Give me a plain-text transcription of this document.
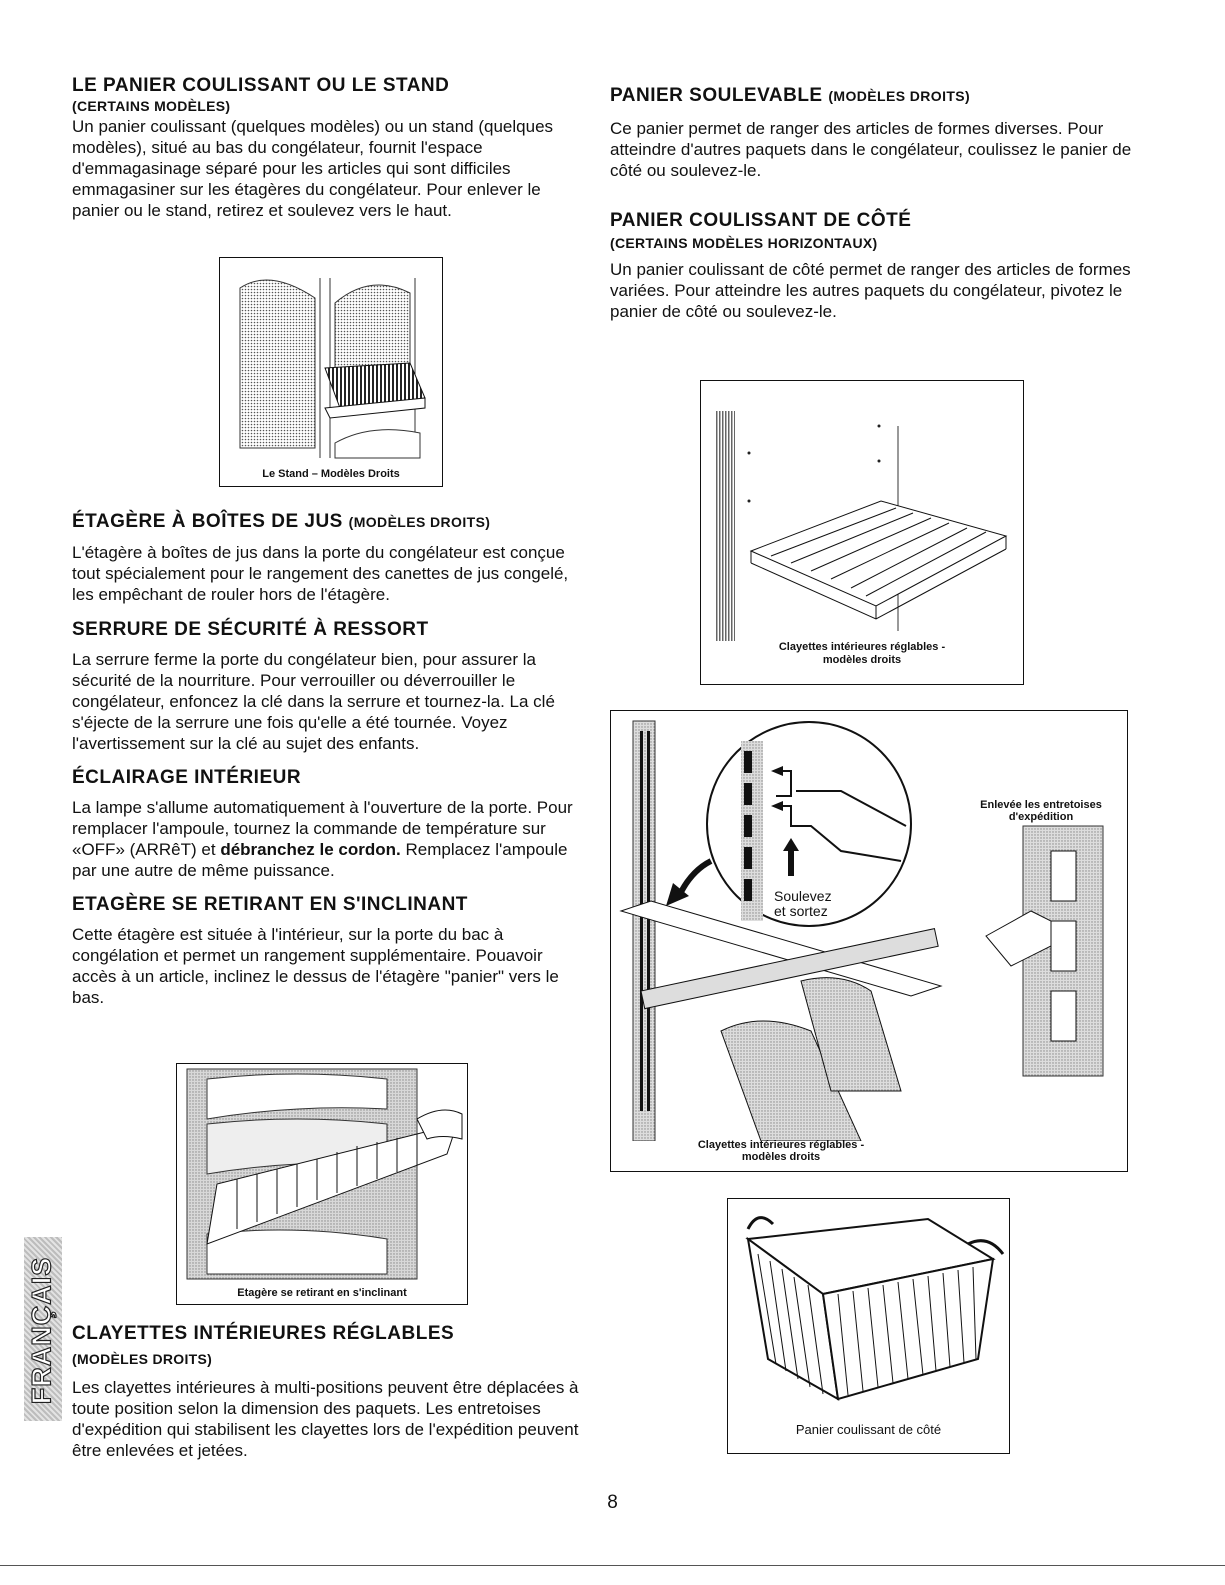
LE PANIER COULISSANT OU LE STAND
(CERTAINS MODÈLES)

Un panier coulissant (quelques modèles) ou un stand (quelques modèles), situé au bas du congélateur, fournit l'espace d'emmagasinage séparé pour les articles qui sont difficiles emmagasiner sur les étagères du congélateur. Pour enlever le panier ou le stand, retirez et soulevez vers le haut.

Le Stand – Modèles Droits
ÉTAGÈRE À BOÎTES DE JUS (MODÈLES DROITS)

L'étagère à boîtes de jus dans la porte du congélateur est conçue tout spécialement pour le rangement des canettes de jus congelé, les empêchant de rouler hors de l'étagère.

SERRURE DE SÉCURITÉ À RESSORT

La serrure ferme la porte du congélateur bien, pour assurer la sécurité de la nourriture. Pour verrouiller ou déverrouiller le congélateur, enfoncez la clé dans la serrure et tournez-la. La clé s'éjecte de la serrure une fois qu'elle a été tournée. Voyez l'avertissement sur la clé au sujet des enfants.

ÉCLAIRAGE INTÉRIEUR

La lampe s'allume automatiquement à l'ouverture de la porte. Pour remplacer l'ampoule, tournez la commande de température sur «OFF» (ARRêT) et débranchez le cordon. Remplacez l'ampoule par une autre de même puissance.

ETAGÈRE SE RETIRANT EN S'INCLINANT

Cette étagère est située à l'intérieur, sur la porte du bac à congélation et permet un rangement supplémentaire. Pouavoir accès à un article, inclinez le dessus de l'étagère "panier" vers le bas.

Etagère se retirant en s'inclinant
FRANÇAIS CLAYETTES INTÉRIEURES RÉGLABLES
(MODÈLES DROITS)

Les clayettes intérieures à multi-positions peuvent être déplacées à toute position selon la dimension des paquets. Les entretoises d'expédition qui stabilisent les clayettes lors de l'expédition peuvent être enlevées et jetées.

PANIER SOULEVABLE (MODÈLES DROITS)

Ce panier permet de ranger des articles de formes diverses. Pour atteindre d'autres paquets dans le congélateur, coulissez le panier de côté ou soulevez-le.

PANIER COULISSANT DE CÔTÉ
(CERTAINS MODÈLES HORIZONTAUX)

Un panier coulissant de côté permet de ranger des articles de formes variées. Pour atteindre les autres paquets du congélateur, pivotez le panier de côté ou soulevez-le.

Clayettes intérieures réglables -
modèles droits
Soulevez
et sortez
Enlevée les entretoises
d'expédition
Clayettes intérieures réglables -
modèles droits
Panier coulissant de côté
8
